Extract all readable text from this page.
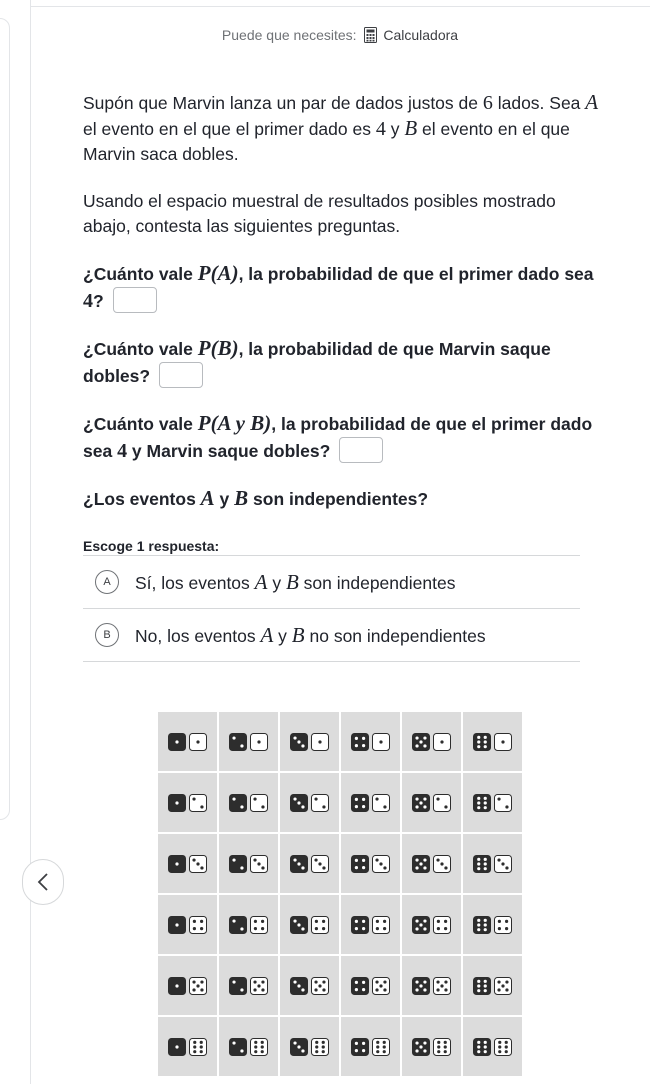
Puede que necesites: Calculadora

Supón que Marvin lanza un par de dados justos de 6 lados. Sea A el evento en el que el primer dado es 4 y B el evento en el que Marvin saca dobles.

Usando el espacio muestral de resultados posibles mostrado abajo, contesta las siguientes preguntas.

¿Cuánto vale P(A), la probabilidad de que el primer dado sea 4?

¿Cuánto vale P(B), la probabilidad de que Marvin saque dobles?

¿Cuánto vale P(A y B), la probabilidad de que el primer dado sea 4 y Marvin saque dobles?

¿Los eventos A y B son independientes?

Escoge 1 respuesta:

A	Sí, los eventos A y B son independientes
B	No, los eventos A y B no son independientes
